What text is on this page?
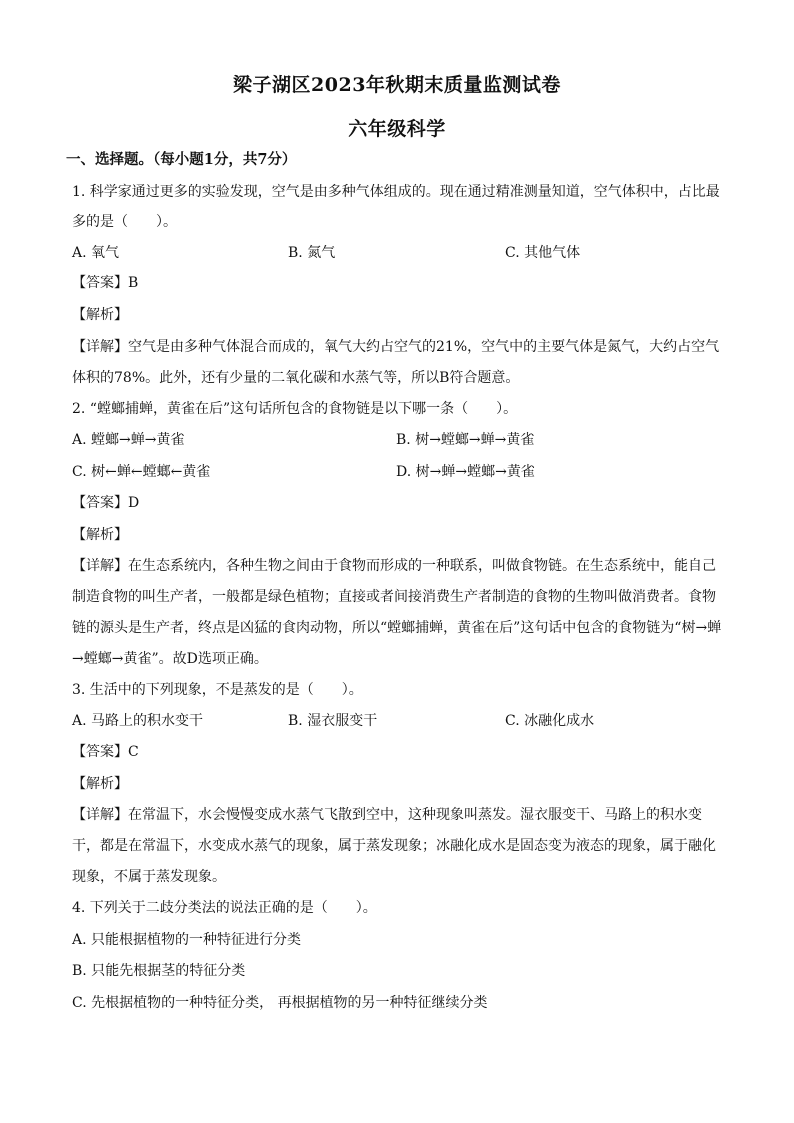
梁子湖区2023年秋期末质量监测试卷
六年级科学
一、选择题。（每小题1分，共7分）
1. 科学家通过更多的实验发现，空气是由多种气体组成的。现在通过精准测量知道，空气体积中，占比最
多的是（　　）。
A. 氧气	B. 氮气	C. 其他气体
【答案】B
【解析】
【详解】空气是由多种气体混合而成的，氧气大约占空气的21%，空气中的主要气体是氮气，大约占空气
体积的78%。此外，还有少量的二氧化碳和水蒸气等，所以B符合题意。
2. “螳螂捕蝉，黄雀在后”这句话所包含的食物链是以下哪一条（　　）。
A. 螳螂→蝉→黄雀	B. 树→螳螂→蝉→黄雀
C. 树←蝉←螳螂←黄雀	D. 树→蝉→螳螂→黄雀
【答案】D
【解析】
【详解】在生态系统内，各种生物之间由于食物而形成的一种联系，叫做食物链。在生态系统中，能自己
制造食物的叫生产者，一般都是绿色植物；直接或者间接消费生产者制造的食物的生物叫做消费者。食物
链的源头是生产者，终点是凶猛的食肉动物，所以“螳螂捕蝉，黄雀在后”这句话中包含的食物链为“树→蝉
→螳螂→黄雀”。故D选项正确。
3. 生活中的下列现象，不是蒸发的是（　　）。
A. 马路上的积水变干	B. 湿衣服变干	C. 冰融化成水
【答案】C
【解析】
【详解】在常温下，水会慢慢变成水蒸气飞散到空中，这种现象叫蒸发。湿衣服变干、马路上的积水变
干，都是在常温下，水变成水蒸气的现象，属于蒸发现象；冰融化成水是固态变为液态的现象，属于融化
现象，不属于蒸发现象。
4. 下列关于二歧分类法的说法正确的是（　　）。
A. 只能根据植物的一种特征进行分类
B. 只能先根据茎的特征分类
C. 先根据植物的一种特征分类， 再根据植物的另一种特征继续分类
